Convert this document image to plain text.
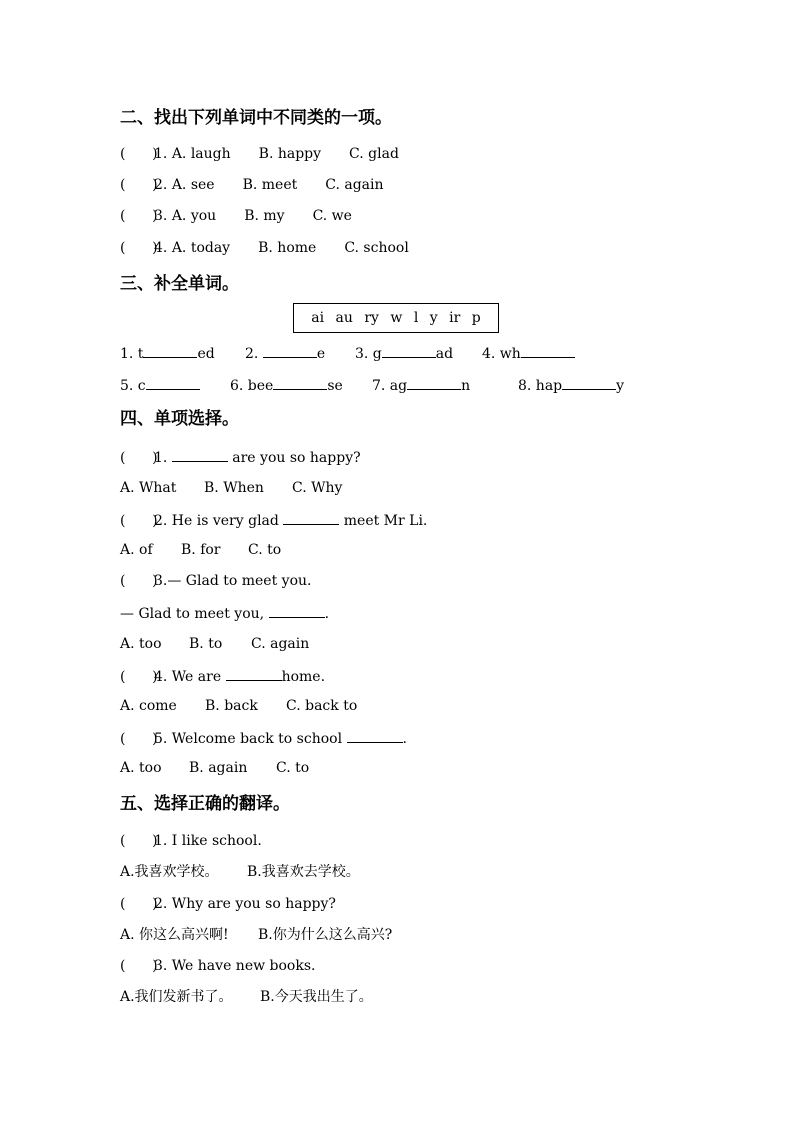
二、找出下列单词中不同类的一项。
(      )1. A. laugh B. happy C. glad
(      )2. A. see B. meet C. again
(      )3. A. you B. my C. we
(      )4. A. today B. home C. school
三、补全单词。
ai au ry w l y ir p
1. t	ed 2.	e 3. g	ad 4. wh
5. c	6. bee	se 7. ag	n	8. hap	y
四、单项选择。
(      )1.	are you so happy?
A. What B. When C. Why
(      )2. He is very glad	meet Mr Li.
A. of B. for C. to
(      )3.— Glad to meet you.
— Glad to meet you,	.
A. too B. to C. again
(      )4. We are	home.
A. come B. back C. back to
(      )5. Welcome back to school	.
A. too B. again C. to
五、选择正确的翻译。
(      )1. I like school.
A.我喜欢学校。 B.我喜欢去学校。
(      )2. Why are you so happy?
A. 你这么高兴啊! B.你为什么这么高兴?
(      )3. We have new books.
A.我们发新书了。 B.今天我出生了。
